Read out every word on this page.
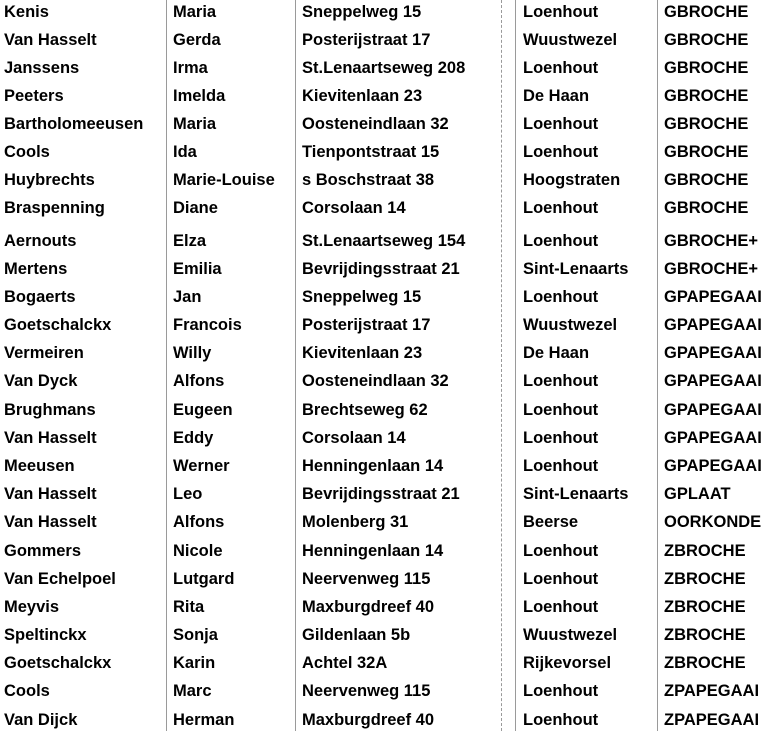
Kenis	Maria	Sneppelweg 15	Loenhout	GBROCHE
Van Hasselt	Gerda	Posterijstraat 17	Wuustwezel	GBROCHE
Janssens	Irma	St.Lenaartseweg 208	Loenhout	GBROCHE
Peeters	Imelda	Kievitenlaan 23	De Haan	GBROCHE
Bartholomeeusen	Maria	Oosteneindlaan 32	Loenhout	GBROCHE
Cools	Ida	Tienpontstraat 15	Loenhout	GBROCHE
Huybrechts	Marie-Louise	s Boschstraat 38	Hoogstraten	GBROCHE
Braspenning	Diane	Corsolaan 14	Loenhout	GBROCHE
Aernouts	Elza	St.Lenaartseweg 154	Loenhout	GBROCHE+
Mertens	Emilia	Bevrijdingsstraat 21	Sint-Lenaarts	GBROCHE+
Bogaerts	Jan	Sneppelweg 15	Loenhout	GPAPEGAAI
Goetschalckx	Francois	Posterijstraat 17	Wuustwezel	GPAPEGAAI
Vermeiren	Willy	Kievitenlaan 23	De Haan	GPAPEGAAI
Van Dyck	Alfons	Oosteneindlaan 32	Loenhout	GPAPEGAAI
Brughmans	Eugeen	Brechtseweg 62	Loenhout	GPAPEGAAI
Van Hasselt	Eddy	Corsolaan 14	Loenhout	GPAPEGAAI
Meeusen	Werner	Henningenlaan 14	Loenhout	GPAPEGAAI
Van Hasselt	Leo	Bevrijdingsstraat 21	Sint-Lenaarts	GPLAAT
Van Hasselt	Alfons	Molenberg 31	Beerse	OORKONDE
Gommers	Nicole	Henningenlaan 14	Loenhout	ZBROCHE
Van Echelpoel	Lutgard	Neervenweg 115	Loenhout	ZBROCHE
Meyvis	Rita	Maxburgdreef 40	Loenhout	ZBROCHE
Speltinckx	Sonja	Gildenlaan 5b	Wuustwezel	ZBROCHE
Goetschalckx	Karin	Achtel 32A	Rijkevorsel	ZBROCHE
Cools	Marc	Neervenweg 115	Loenhout	ZPAPEGAAI
Van Dijck	Herman	Maxburgdreef 40	Loenhout	ZPAPEGAAI
